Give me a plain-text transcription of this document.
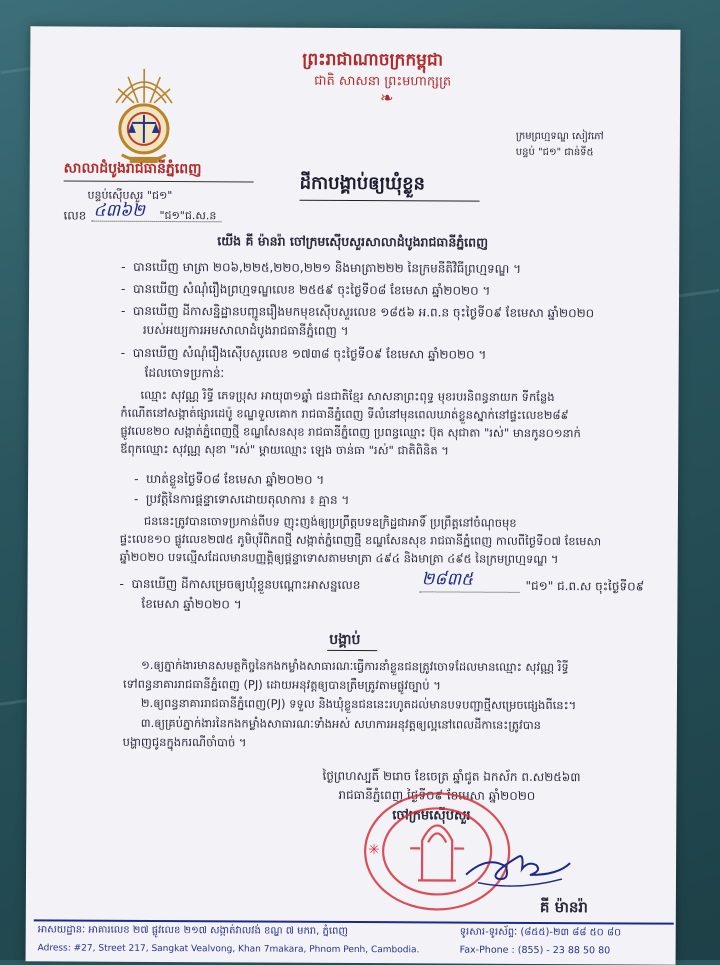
សាលាដំបូងរាជធានីភ្នំពេញ
បន្ទប់ស៊ើបសួរ "ជ១"
លេខ ៤៣៦២ "ជ១"ជ.ស.ន
ព្រះរាជាណាចក្រកម្ពុជា
ជាតិ សាសនា ព្រះមហាក្សត្រ
❧
ក្រមព្រហ្មទណ្ឌ សៀវភៅ
បន្ទប់ "ជ១" ជាន់ទី៥
ដីកាបង្គាប់ឲ្យឃុំខ្លួន
យើង គី ម៉ានរ៉ា ចៅក្រមស៊ើបសួរសាលាដំបូងរាជធានីភ្នំពេញ
-  បានឃើញ មាត្រា ២០៦,២២៥,២២០,២២១ និងមាត្រា២២២ នៃក្រមនីតិវិធីព្រហ្មទណ្ឌ ។
-  បានឃើញ សំណុំរឿងព្រហ្មទណ្ឌលេខ ២៥៥៩ ចុះថ្ងៃទី០៨ ខែមេសា ឆ្នាំ២០២០ ។
-  បានឃើញ ដីកាសន្និដ្ឋានបញ្ជូនរឿងមកមុខស៊ើបសួរលេខ ១៨៥៦ អ.ព.ន ចុះថ្ងៃទី០៩ ខែមេសា ឆ្នាំ២០២០
របស់អយ្យការអមសាលាដំបូងរាជធានីភ្នំពេញ ។
-  បានឃើញ សំណុំរឿងស៊ើបសួរលេខ ១៧៣៨ ចុះថ្ងៃទី០៩ ខែមេសា ឆ្នាំ២០២០ ។
ដែលចោទប្រកាន់ៈ
ឈ្មោះ សុវណ្ណ រិទ្ធី ភេទប្រុស អាយុ៣១ឆ្នាំ ជនជាតិខ្មែរ សាសនាព្រះពុទ្ធ មុខរបរនិពន្ធនាយក ទីកន្លែង
កំណើតនៅសង្កាត់ផ្សារដេប៉ូ ខណ្ឌទួលគោក រាជធានីភ្នំពេញ ទីលំនៅមុនពេលឃាត់ខ្លួនស្នាក់នៅផ្ទះលេខ២៨៩
ផ្លូវលេខ២០ សង្កាត់ភ្នំពេញថ្មី ខណ្ឌសែនសុខ រាជធានីភ្នំពេញ ប្រពន្ធឈ្មោះ ប៊ុត សុជាតា "រស់" មានកូន០១នាក់
ឪពុកឈ្មោះ សុវណ្ណ សុខា "រស់" ម្ដាយឈ្មោះ ឡេង ចាន់ធា "រស់" ជាតិពិនិត ។
-  ឃាត់ខ្លួនថ្ងៃទី០៨ ខែមេសា ឆ្នាំ២០២០ ។
-  ប្រវត្តិនៃការផ្ដន្ទាទោសដោយតុលាការ ៖ គ្មាន ។
ជននេះត្រូវបានចោទប្រកាន់ពីបទ ញុះញង់ឲ្យប្រព្រឹត្តបទឧក្រិដ្ឋជាអាទិ៍ ប្រព្រឹត្តនៅចំណុចមុខ
ផ្ទះលេខ១០ ផ្លូវលេខ២៧៥ ភូមិបុរីពិភពថ្មី សង្កាត់ភ្នំពេញថ្មី ខណ្ឌសែនសុខ រាជធានីភ្នំពេញ កាលពីថ្ងៃទី០៧ ខែមេសា
ឆ្នាំ២០២០ បទល្មើសដែលមានបញ្ញត្តិឲ្យផ្ដន្ទាទោសតាមមាត្រា ៤៩៤ និងមាត្រា ៤៩៥ នៃក្រមព្រហ្មទណ្ឌ ។
-  បានឃើញ ដីកាសម្រេចឲ្យឃុំខ្លួនបណ្ដោះអាសន្នលេខ	២៨៣៥	"ជ១" ជ.ព.ស ចុះថ្ងៃទី០៩
ខែមេសា ឆ្នាំ២០២០ ។
បង្គាប់
១.ឲ្យភ្នាក់ងារមានសមត្ថកិច្ចនៃកងកម្លាំងសាធារណៈធ្វើការនាំខ្លួនជនត្រូវចោទដែលមានឈ្មោះ សុវណ្ណ រិទ្ធី
ទៅពន្ធនាគាររាជធានីភ្នំពេញ (PJ) ដោយអនុវត្តឲ្យបានត្រឹមត្រូវតាមផ្លូវច្បាប់ ។
២.ឲ្យពន្ធនាគាររាជធានីភ្នំពេញ(PJ) ទទួល និងឃុំខ្លួនជននេះរហូតដល់មានបទបញ្ជាថ្មីសម្រេចផ្សេងពីនេះ។
៣.ឲ្យគ្រប់ភ្នាក់ងារនៃកងកម្លាំងសាធារណៈទាំងអស់ សហការអនុវត្តឲ្យល្អនៅពេលដីកានេះត្រូវបាន
បង្ហាញជូនក្នុងករណីចាំបាច់ ។
ថ្ងៃព្រហស្បតិ៍ ២រោច ខែចេត្រ ឆ្នាំជូត ឯកស័ក ព.ស២៥៦៣
រាជធានីភ្នំពេញ ថ្ងៃទី០៩ ខែមេសា ឆ្នាំ២០២០
ចៅក្រមស៊ើបសួរ
✳
គី ម៉ានរ៉ា
អាសយដ្ឋានៈ អាគារលេខ ២៧ ផ្លូវលេខ ២១៧ សង្កាត់វាលវង់ ខណ្ឌ ៧ មករា, ភ្នំពេញ	ទូរសារ-ទូរស័ព្ទៈ (៨៥៥)-២៣ ៨៨ ៥០ ៨០
Adress: #27, Street 217, Sangkat Vealvong, Khan 7makara, Phnom Penh, Cambodia.	Fax-Phone : (855) - 23 88 50 80
